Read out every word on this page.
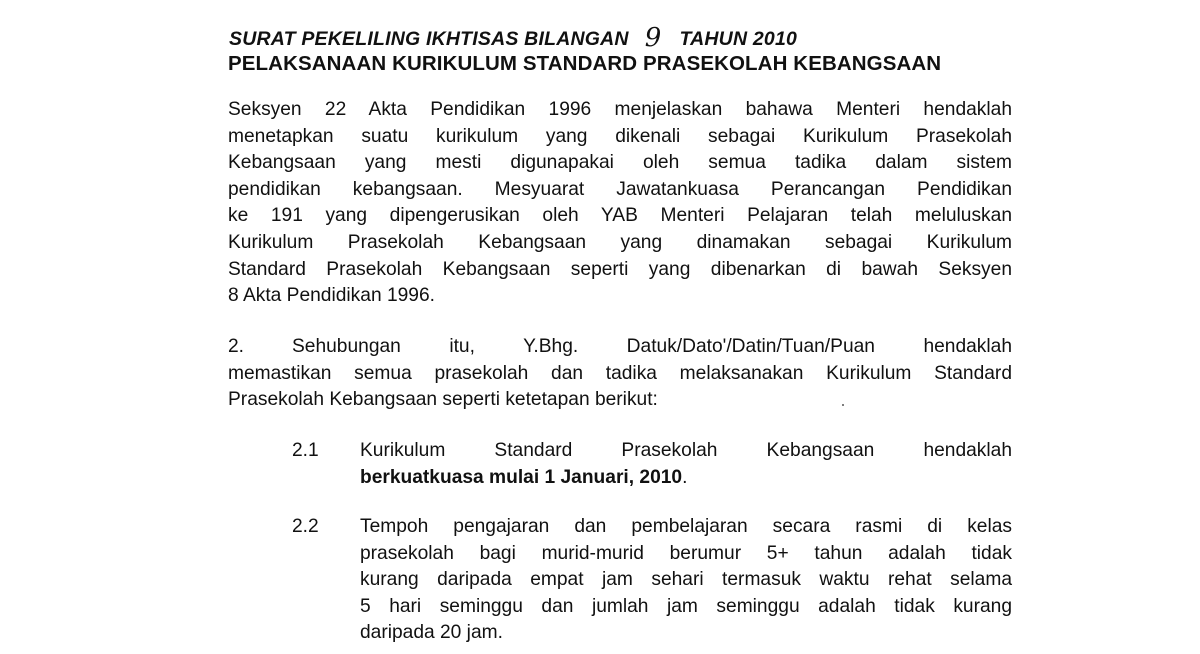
SURAT PEKELILING IKHTISAS BILANGAN 9 TAHUN 2010
PELAKSANAAN KURIKULUM STANDARD PRASEKOLAH KEBANGSAAN
Seksyen 22 Akta Pendidikan 1996 menjelaskan bahawa Menteri hendaklah
menetapkan suatu kurikulum yang dikenali sebagai Kurikulum Prasekolah
Kebangsaan yang mesti digunapakai oleh semua tadika dalam sistem
pendidikan kebangsaan. Mesyuarat Jawatankuasa Perancangan Pendidikan
ke 191 yang dipengerusikan oleh YAB Menteri Pelajaran telah meluluskan
Kurikulum Prasekolah Kebangsaan yang dinamakan sebagai Kurikulum
Standard Prasekolah Kebangsaan seperti yang dibenarkan di bawah Seksyen
8 Akta Pendidikan 1996.
2. Sehubungan itu, Y.Bhg. Datuk/Dato'/Datin/Tuan/Puan hendaklah
memastikan semua prasekolah dan tadika melaksanakan Kurikulum Standard
Prasekolah Kebangsaan seperti ketetapan berikut:
2.1 Kurikulum Standard Prasekolah Kebangsaan hendaklah
berkuatkuasa mulai 1 Januari, 2010.
2.2 Tempoh pengajaran dan pembelajaran secara rasmi di kelas
prasekolah bagi murid-murid berumur 5+ tahun adalah tidak
kurang daripada empat jam sehari termasuk waktu rehat selama
5 hari seminggu dan jumlah jam seminggu adalah tidak kurang
daripada 20 jam.
